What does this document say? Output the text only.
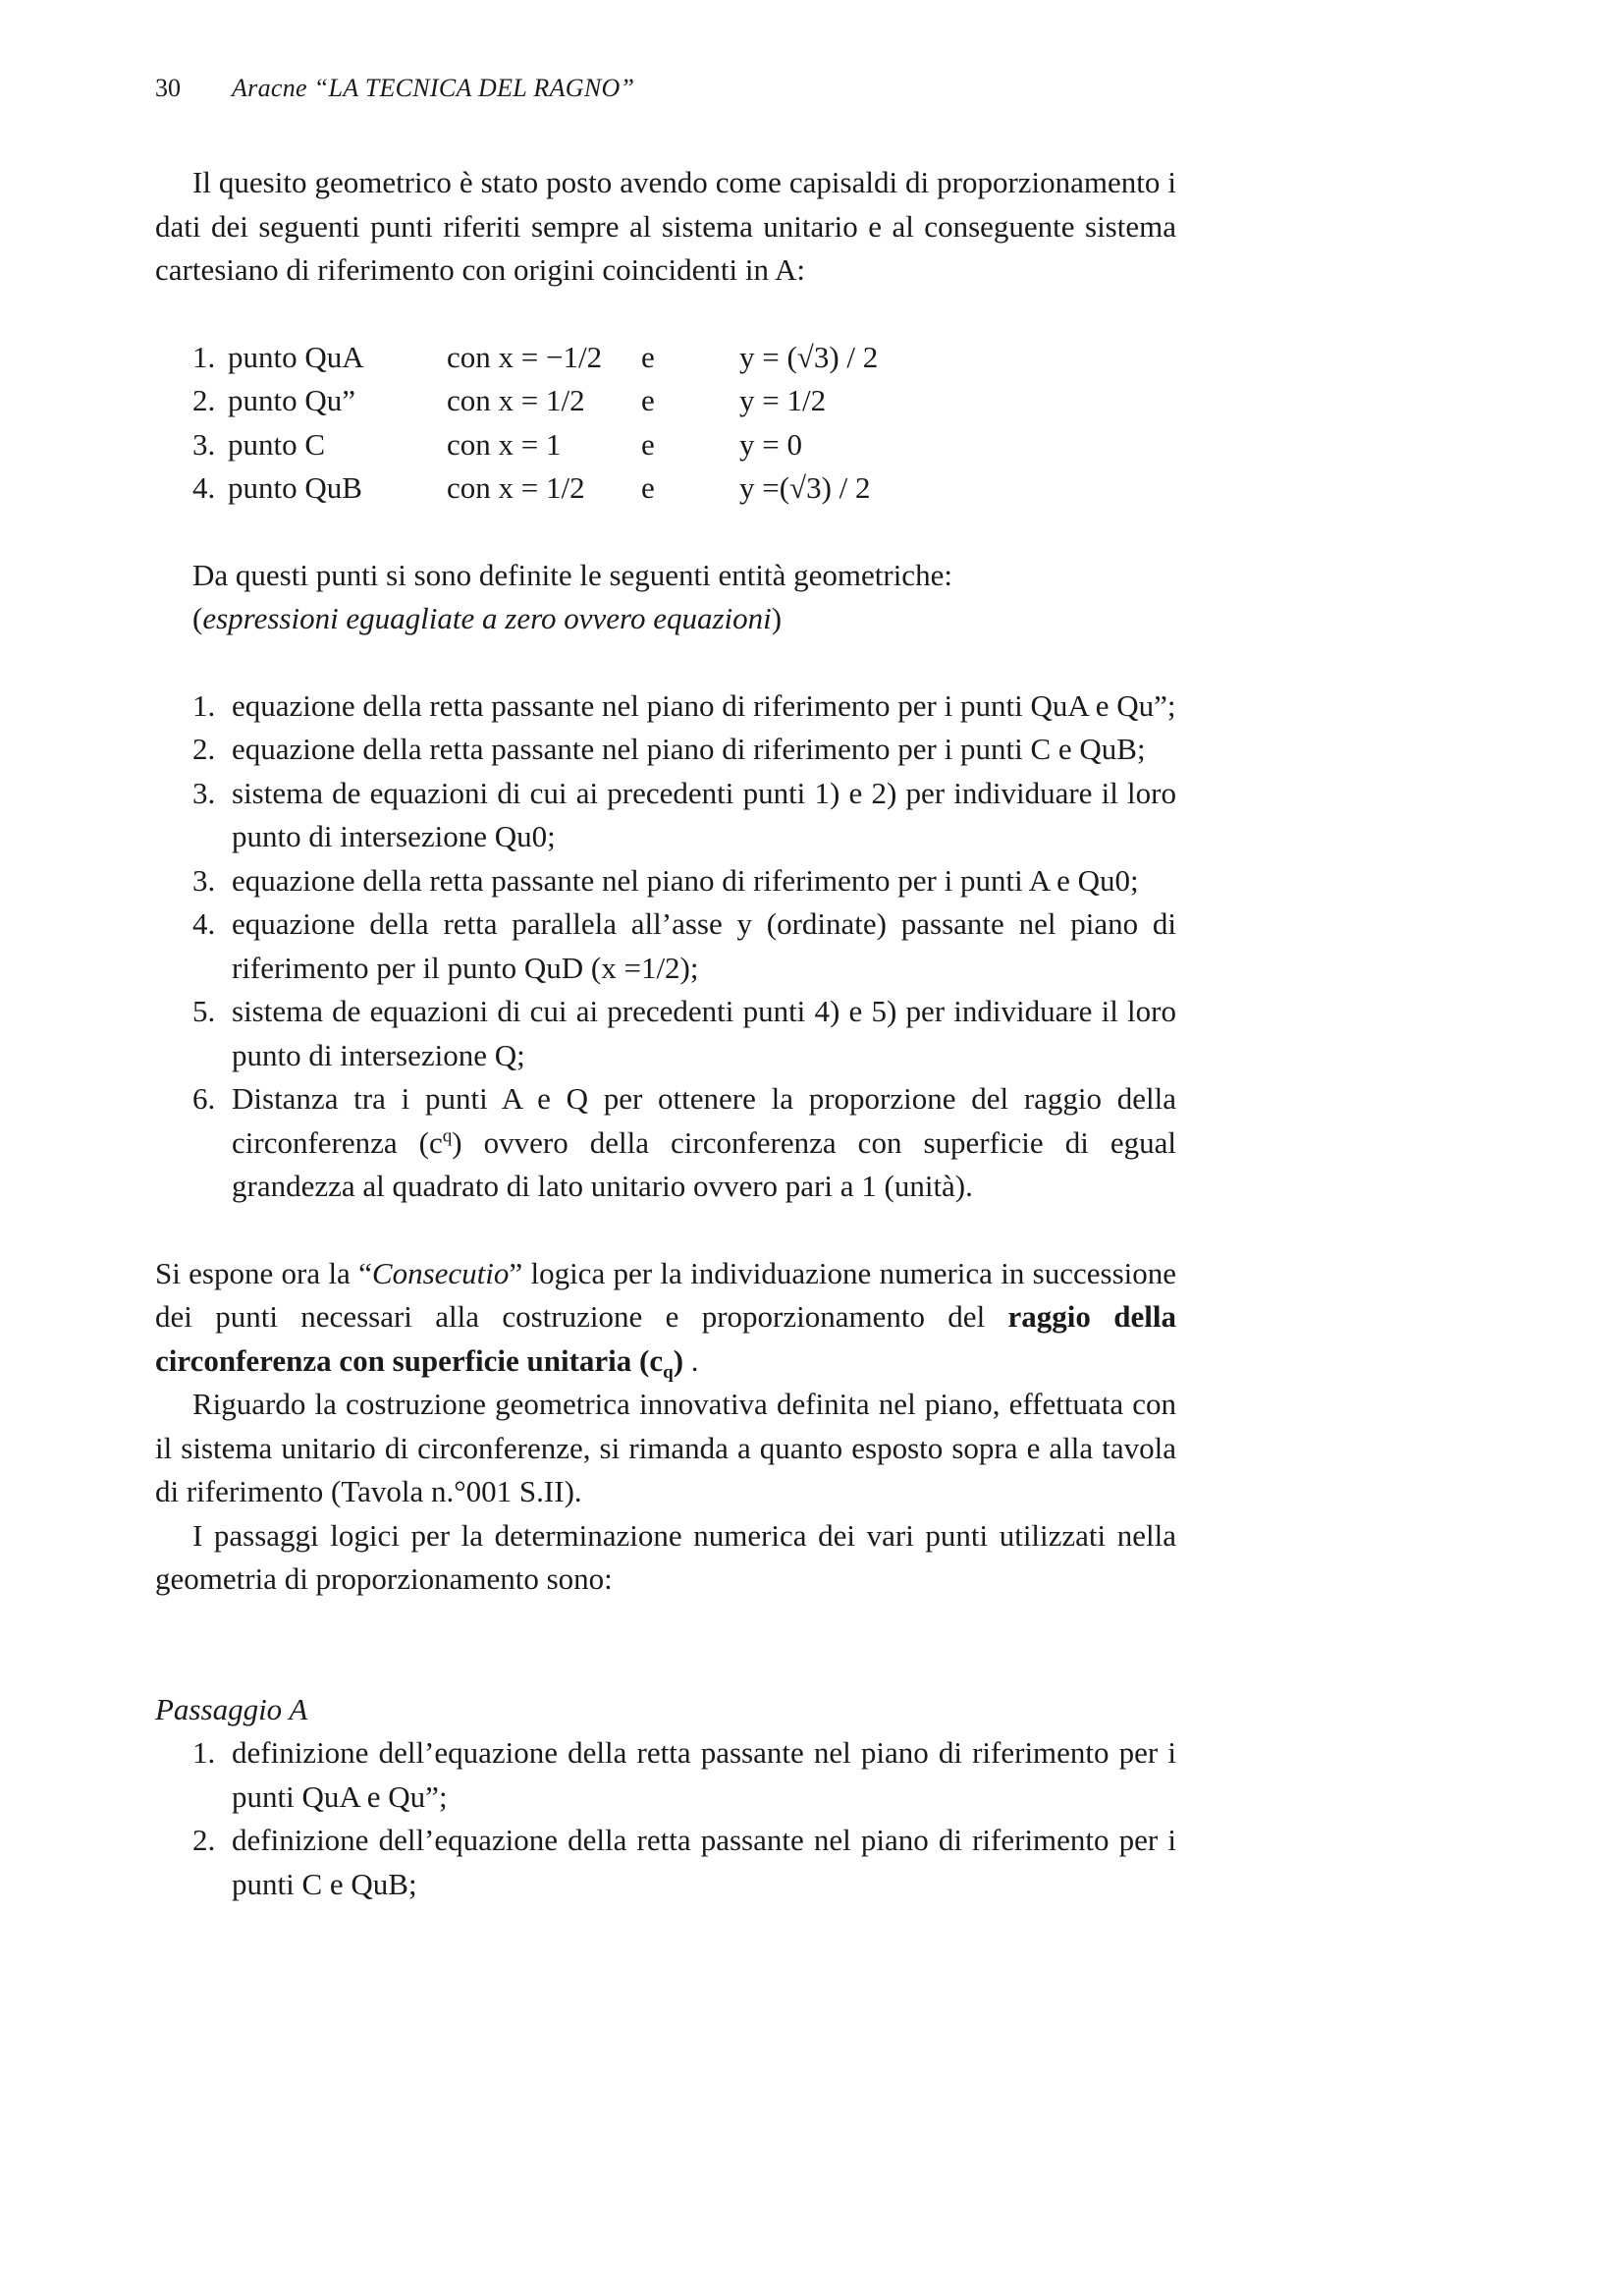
30 Aracne “LA TECNICA DEL RAGNO”

Il quesito geometrico è stato posto avendo come capisaldi di proporzionamento i dati dei seguenti punti riferiti sempre al sistema unitario e al conseguente sistema cartesiano di riferimento con origini coincidenti in A:

1.	punto QuA	con x = −1/2	e	y = (√3) / 2
2.	punto Qu”	con x = 1/2	e	y = 1/2
3.	punto C	con x = 1	e	y = 0
4.	punto QuB	con x = 1/2	e	y =(√3) / 2
Da questi punti si sono definite le seguenti entità geometriche:
(espressioni eguagliate a zero ovvero equazioni)
1. equazione della retta passante nel piano di riferimento per i punti QuA e Qu”;
2. equazione della retta passante nel piano di riferimento per i punti C e QuB;
3. sistema de equazioni di cui ai precedenti punti 1) e 2) per individuare il loro punto di intersezione Qu0;
3. equazione della retta passante nel piano di riferimento per i punti A e Qu0;
4. equazione della retta parallela all’asse y (ordinate) passante nel piano di riferimento per il punto QuD (x =1/2);
5. sistema de equazioni di cui ai precedenti punti 4) e 5) per individuare il loro punto di intersezione Q;
6. Distanza tra i punti A e Q per ottenere la proporzione del raggio della circonferenza $(c^q)$ ovvero della circonferenza con superficie di egual grandezza al quadrato di lato unitario ovvero pari a 1 (unità).

Si espone ora la “Consecutio” logica per la individuazione numerica in successione dei punti necessari alla costruzione e proporzionamento del raggio della circonferenza con superficie unitaria $(c_q)$ .

Riguardo la costruzione geometrica innovativa definita nel piano, effettuata con il sistema unitario di circonferenze, si rimanda a quanto esposto sopra e alla tavola di riferimento (Tavola n.°001 S.II).

I passaggi logici per la determinazione numerica dei vari punti utilizzati nella geometria di proporzionamento sono:

Passaggio A
1. definizione dell’equazione della retta passante nel piano di riferimento per i punti QuA e Qu”;
2. definizione dell’equazione della retta passante nel piano di riferimento per i punti C e QuB;
